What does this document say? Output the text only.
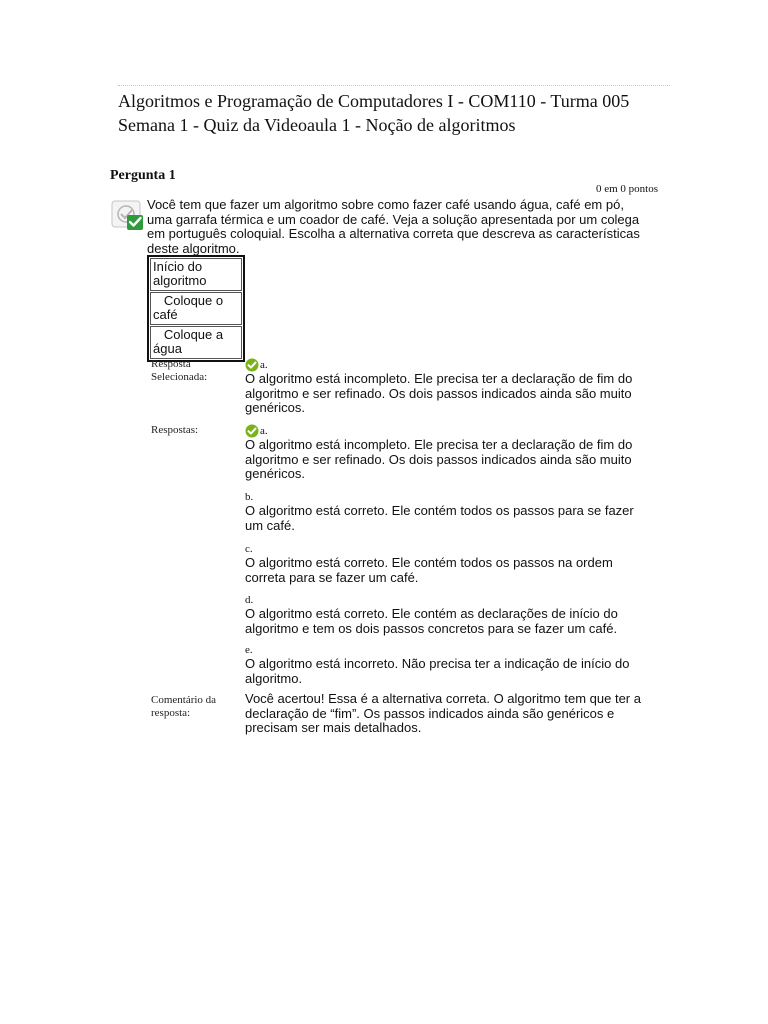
Algoritmos e Programação de Computadores I - COM110 - Turma 005
Semana 1 - Quiz da Videoaula 1 - Noção de algoritmos
Pergunta 1
0 em 0 pontos
Você tem que fazer um algoritmo sobre como fazer café usando água, café em pó, uma garrafa térmica e um coador de café. Veja a solução apresentada por um colega em português coloquial. Escolha a alternativa correta que descreva as características deste algoritmo.
Início do algoritmo
Coloque o café
Coloque a água
Resposta Selecionada:
a.
O algoritmo está incompleto. Ele precisa ter a declaração de fim do algoritmo e ser refinado. Os dois passos indicados ainda são muito genéricos.
Respostas:	a.
O algoritmo está incompleto. Ele precisa ter a declaração de fim do algoritmo e ser refinado. Os dois passos indicados ainda são muito genéricos.
b.
O algoritmo está correto. Ele contém todos os passos para se fazer um café.
c.
O algoritmo está correto. Ele contém todos os passos na ordem correta para se fazer um café.
d.
O algoritmo está correto. Ele contém as declarações de início do algoritmo e tem os dois passos concretos para se fazer um café.
e.
O algoritmo está incorreto. Não precisa ter a indicação de início do algoritmo.
Comentário da resposta:
Você acertou! Essa é a alternativa correta. O algoritmo tem que ter a declaração de “fim”. Os passos indicados ainda são genéricos e precisam ser mais detalhados.
